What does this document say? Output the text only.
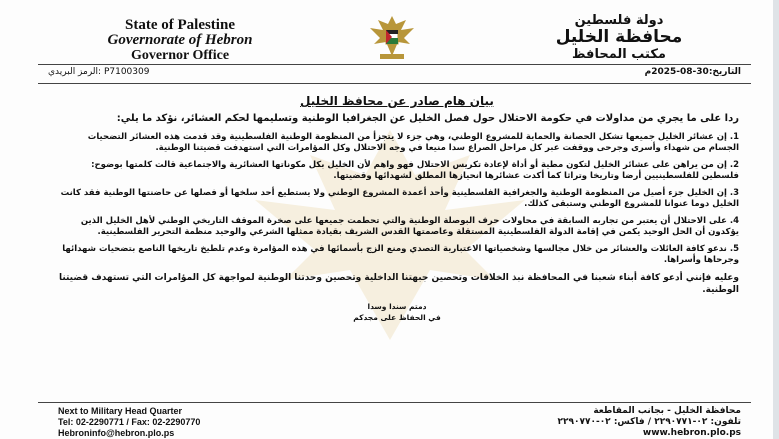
State of Palestine
Governorate of Hebron
Governor Office
دولة فلسطين
محافظة الخليل
مكتب المحافظ
P7100309 :الرمز البريدي	التاريخ:30-08-2025م
بيان هام صادر عن محافظ الخليل
ردا على ما يجري من مداولات في حكومة الاحتلال حول فصل الخليل عن الجغرافيا الوطنية وتسليمها لحكم العشائر، نؤكد ما يلي:
1. إن عشائر الخليل جميعها تشكل الحصانة والحماية للمشروع الوطني، وهي جزء لا يتجزأ من المنظومة الوطنية الفلسطينية وقد قدمت هذه العشائر التضحيات الجسام من شهداء وأسرى وجرحى ووقفت عبر كل مراحل الصراع سدا منيعا في وجه الاحتلال وكل المؤامرات التي استهدفت قضيتنا الوطنية.
2. إن من يراهن على عشائر الخليل لتكون مطية أو أداة لإعادة تكريس الاحتلال فهو واهم لأن الخليل بكل مكوناتها العشائرية والاجتماعية قالت كلمتها بوضوح: فلسطين للفلسطينيين أرضا وتاريخا وتراثا كما أكدت عشائرها انحيازها المطلق لشهدائها وقضيتها.
3. إن الخليل جزء أصيل من المنظومة الوطنية والجغرافية الفلسطينية وأحد أعمدة المشروع الوطني ولا يستطيع أحد سلخها أو فصلها عن حاضنتها الوطنية فقد كانت الخليل دوما عنوانا للمشروع الوطني وستبقى كذلك.
4. على الاحتلال أن يعتبر من تجاربه السابقة في محاولات حرف البوصلة الوطنية والتي تحطمت جميعها على صخرة الموقف التاريخي الوطني لأهل الخليل الذين يؤكدون أن الحل الوحيد يكمن في إقامة الدولة الفلسطينية المستقلة وعاصمتها القدس الشريف بقيادة ممثلها الشرعي والوحيد منظمة التحرير الفلسطينية.
5. ندعو كافة العائلات والعشائر من خلال مجالسها وشخصياتها الاعتبارية التصدي ومنع الزج بأسمائها في هذه المؤامرة وعدم تلطيخ تاريخها الناصع بتضحيات شهدائها وجرحاها وأسراها.
وعليه فإنني أدعو كافة أبناء شعبنا في المحافظة نبذ الخلافات وتحصين جبهتنا الداخلية وتحصين وحدتنا الوطنية لمواجهة كل المؤامرات التي تستهدف قضيتنا الوطنية.
دمتم سندا وسدا
في الحفاظ على مجدكم
Next to Military Head Quarter
Tel: 02-2290771 / Fax: 02-2290770
Hebroninfo@hebron.plo.ps
محافظة الخليل - بجانب المقاطعة
تلفون: ٠٢-٢٢٩٠٧٧١ / فاكس: ٠٢-٢٢٩٠٧٧٠
www.hebron.plo.ps
